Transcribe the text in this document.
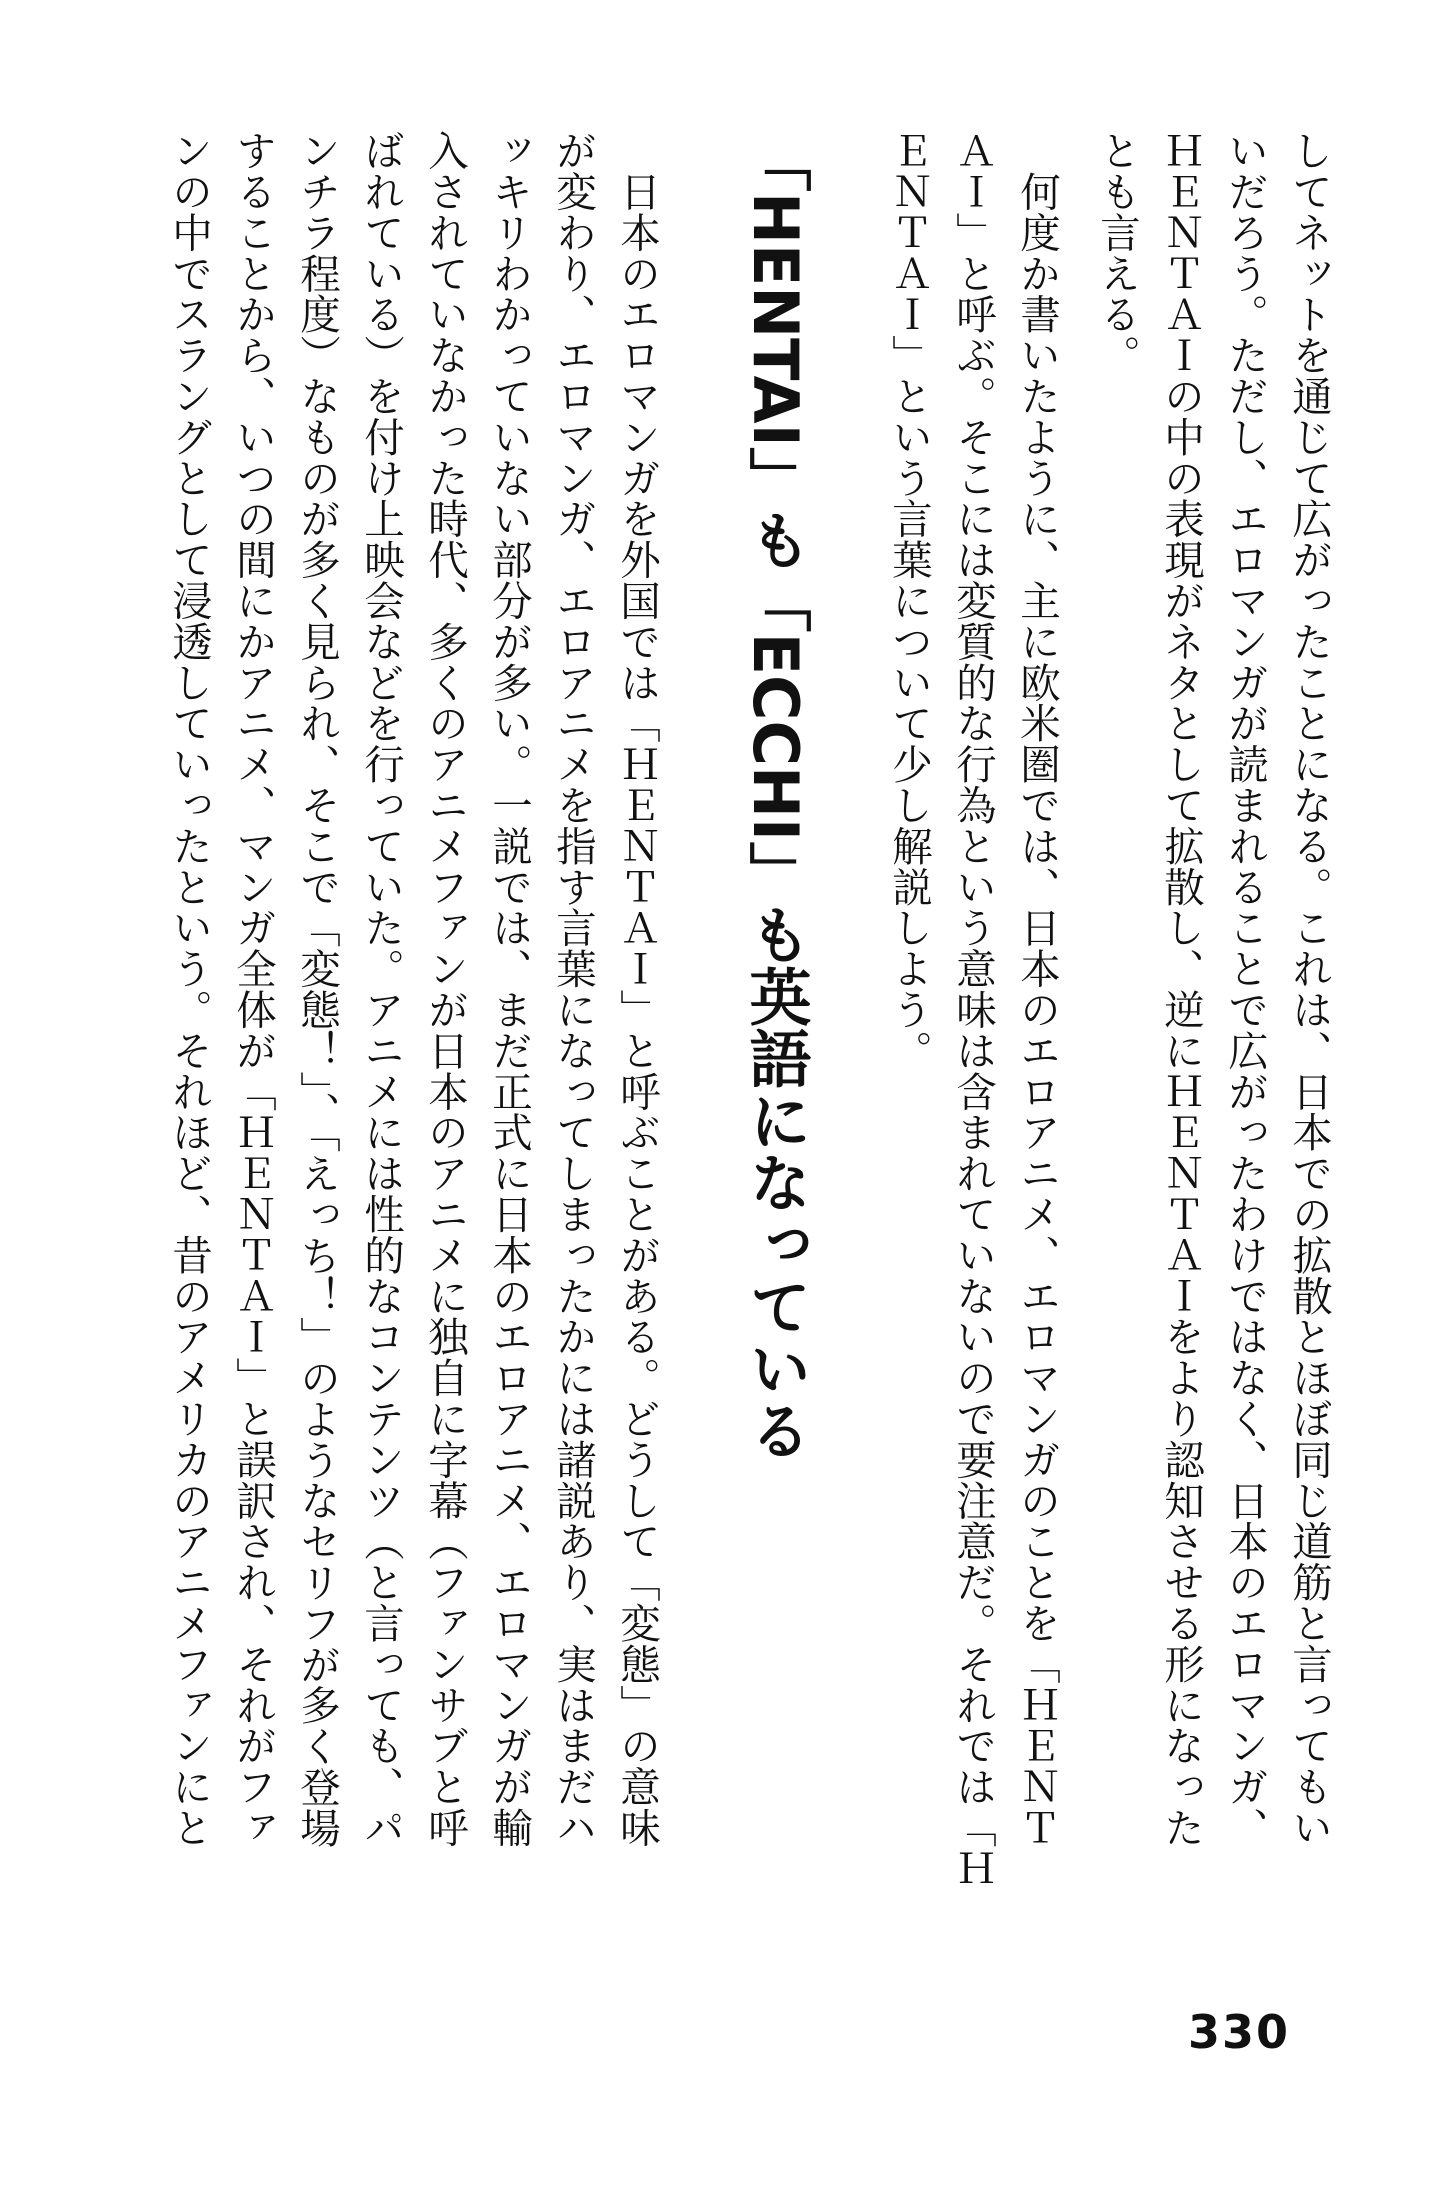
してネットを通じて広がったことになる。これは、日本での拡散とほぼ同じ道筋と言ってもい
いだろう。ただし、エロマンガが読まれることで広がったわけではなく、日本のエロマンガ、
ＨＥＮＴＡＩの中の表現がネタとして拡散し、逆にＨＥＮＴＡＩをより認知させる形になった
とも言える。
　何度か書いたように、主に欧米圏では、日本のエロアニメ、エロマンガのことを「ＨＥＮＴ
ＡＩ」と呼ぶ。そこには変質的な行為という意味は含まれていないので要注意だ。それでは「Ｈ
ＥＮＴＡＩ」という言葉について少し解説しよう。
「HENTAI」も「ECCHI」も英語になっている
　日本のエロマンガを外国では「ＨＥＮＴＡＩ」と呼ぶことがある。どうして「変態」の意味
が変わり、エロマンガ、エロアニメを指す言葉になってしまったかには諸説あり、実はまだハ
ッキリわかっていない部分が多い。一説では、まだ正式に日本のエロアニメ、エロマンガが輸
入されていなかった時代、多くのアニメファンが日本のアニメに独自に字幕（ファンサブと呼
ばれている）を付け上映会などを行っていた。アニメには性的なコンテンツ（と言っても、パ
ンチラ程度）なものが多く見られ、そこで「変態！」、「えっち！」のようなセリフが多く登場
することから、いつの間にかアニメ、マンガ全体が「ＨＥＮＴＡＩ」と誤訳され、それがファ
ンの中でスラングとして浸透していったという。それほど、昔のアメリカのアニメファンにと
330
